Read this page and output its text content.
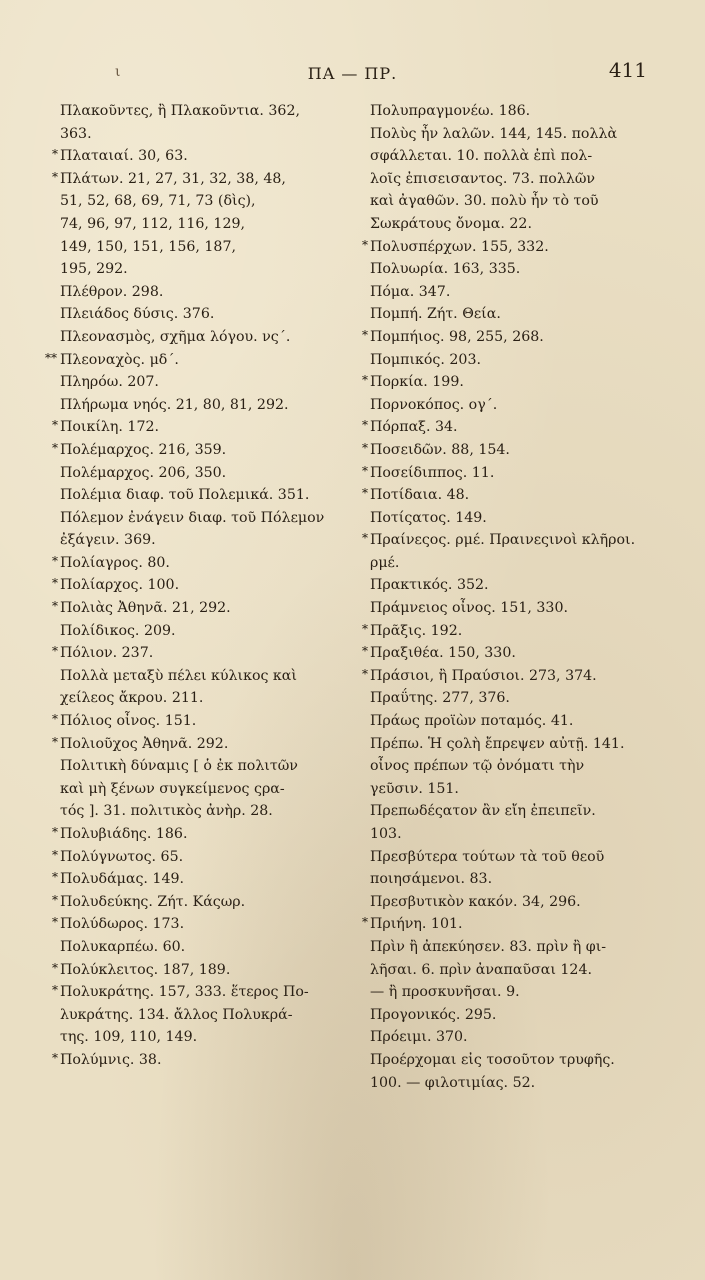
ι	ΠΑ — ΠΡ.	411
Πλακοῦντες, ἢ Πλακοῦντια. 362,
363.
* Πλαταιαί. 30, 63.
* Πλάτων. 21, 27, 31, 32, 38, 48,
51, 52, 68, 69, 71, 73 (δὶς),
74, 96, 97, 112, 116, 129,
149, 150, 151, 156, 187,
195, 292.
Πλέθρον. 298.
Πλειάδος δύσις. 376.
Πλεονασμὸς, σχῆμα λόγου. νς΄.
** Πλεοναχὸς. μδ΄.
Πληρόω. 207.
Πλήρωμα νηός. 21, 80, 81, 292.
* Ποικίλη. 172.
* Πολέμαρχος. 216, 359.
Πολέμαρχος. 206, 350.
Πολέμια διαφ. τοῦ Πολεμικά. 351.
Πόλεμον ἐνάγειν διαφ. τοῦ Πόλεμον
ἐξάγειν. 369.
* Πολίαγρος. 80.
* Πολίαρχος. 100.
* Πολιὰς Ἀθηνᾶ. 21, 292.
Πολίδικος. 209.
* Πόλιον. 237.
Πολλὰ μεταξὺ πέλει κύλικος καὶ
χείλεος ἄκρου. 211.
* Πόλιος οἶνος. 151.
* Πολιοῦχος Ἀθηνᾶ. 292.
Πολιτικὴ δύναμις [ ὁ ἐκ πολιτῶν
καὶ μὴ ξένων συγκείμενος ςρα-
τός ]. 31. πολιτικὸς ἀνὴρ. 28.
* Πολυβιάδης. 186.
* Πολύγνωτος. 65.
* Πολυδάμας. 149.
* Πολυδεύκης. Ζήτ. Κάςωρ.
* Πολύδωρος. 173.
Πολυκαρπέω. 60.
* Πολύκλειτος. 187, 189.
* Πολυκράτης. 157, 333. ἕτερος Πο-
λυκράτης. 134. ἄλλος Πολυκρά-
της. 109, 110, 149.
* Πολύμνις. 38.
Πολυπραγμονέω. 186.
Πολὺς ἦν λαλῶν. 144, 145. πολλὰ
σφάλλεται. 10. πολλὰ ἐπὶ πολ-
λοῖς ἐπισεισαντος. 73. πολλῶν
καὶ ἀγαθῶν. 30. πολὺ ἦν τὸ τοῦ
Σωκράτους ὄνομα. 22.
* Πολυσπέρχων. 155, 332.
Πολυωρία. 163, 335.
Πόμα. 347.
Πομπή. Ζήτ. Θεία.
* Πομπήιος. 98, 255, 268.
Πομπικός. 203.
* Πορκία. 199.
Πορνοκόπος. ογ΄.
* Πόρπαξ. 34.
* Ποσειδῶν. 88, 154.
* Ποσείδιππος. 11.
* Ποτίδαια. 48.
Ποτίςατος. 149.
* Πραίνεςος. ρμέ. Πραινεςινοὶ κλῆροι.
ρμέ.
Πρακτικός. 352.
Πράμνειος οἶνος. 151, 330.
* Πρᾶξις. 192.
* Πραξιθέα. 150, 330.
* Πράσιοι, ἢ Πραύσιοι. 273, 374.
Πραΰτης. 277, 376.
Πράως προϊὼν ποταμός. 41.
Πρέπω. Ἡ ςολὴ ἔπρεψεν αὐτῇ. 141.
οἶνος πρέπων τῷ ὀνόματι τὴν
γεῦσιν. 151.
Πρεπωδέςατον ἂν εἴη ἐπειπεῖν.
103.
Πρεσβύτερα τούτων τὰ τοῦ θεοῦ
ποιησάμενοι. 83.
Πρεσβυτικὸν κακόν. 34, 296.
* Πριήνη. 101.
Πρὶν ἢ ἀπεκύησεν. 83. πρὶν ἢ φι-
λῆσαι. 6. πρὶν ἀναπαῦσαι 124.
— ἢ προσκυνῆσαι. 9.
Προγονικός. 295.
Πρόειμι. 370.
Προέρχομαι εἰς τοσοῦτον τρυφῆς.
100. — φιλοτιμίας. 52.
